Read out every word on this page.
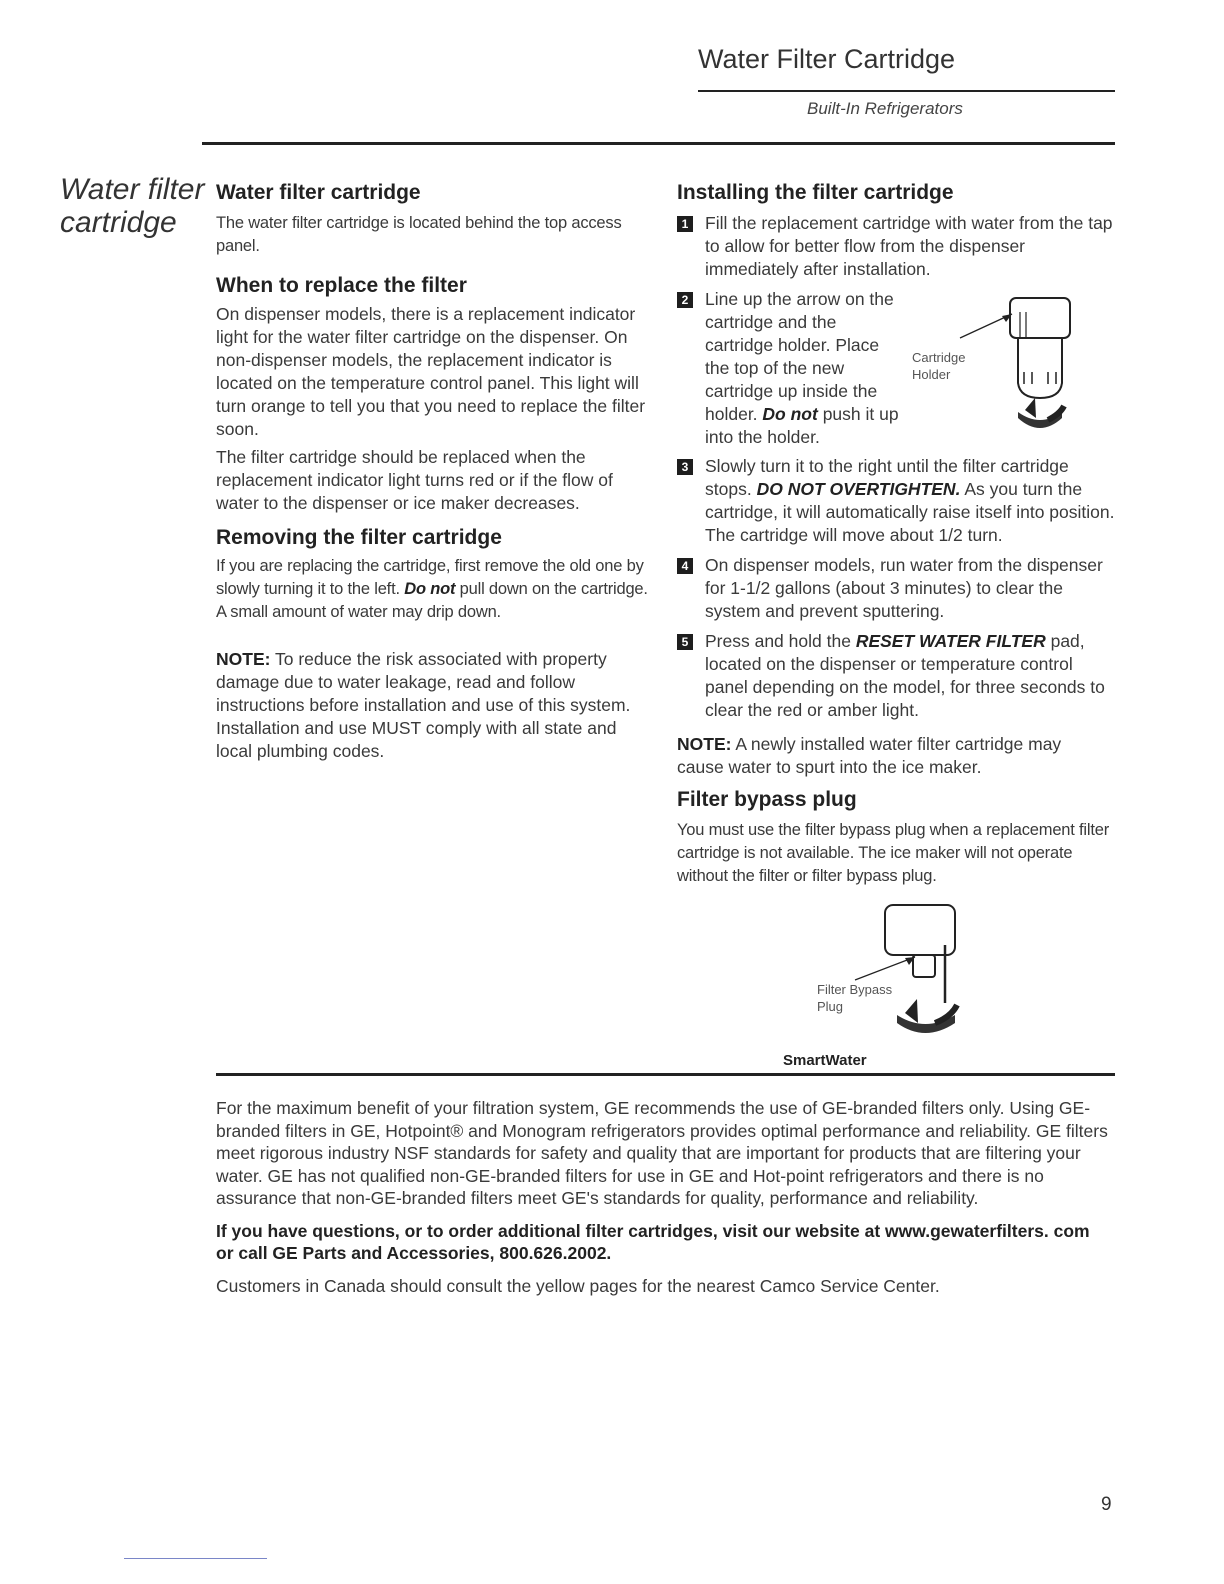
Water Filter Cartridge
Built-In Refrigerators
Water filter
cartridge
Water filter cartridge

The water filter cartridge is located behind the top access panel.

When to replace the filter

On dispenser models, there is a replacement indicator light for the water filter cartridge on the dispenser. On non-dispenser models, the replacement indicator is located on the temperature control panel. This light will turn orange to tell you that you need to replace the filter soon.

The filter cartridge should be replaced when the replacement indicator light turns red or if the flow of water to the dispenser or ice maker decreases.

Removing the filter cartridge

If you are replacing the cartridge, first remove the old one by slowly turning it to the left. Do not pull down on the cartridge. A small amount of water may drip down.

NOTE: To reduce the risk associated with property damage due to water leakage, read and follow instructions before installation and use of this system. Installation and use MUST comply with all state and local plumbing codes.

Installing the filter cartridge
1 Fill the replacement cartridge with water from the tap to allow for better flow from the dispenser immediately after installation.

2 Line up the arrow on the cartridge and the cartridge holder. Place the top of the new cartridge up inside the holder. Do not push it up into the holder.

3 Slowly turn it to the right until the filter cartridge stops. DO NOT OVERTIGHTEN. As you turn the cartridge, it will automatically raise itself into position. The cartridge will move about 1/2 turn.

4 On dispenser models, run water from the dispenser for 1-1/2 gallons (about 3 minutes) to clear the system and prevent sputtering.

5 Press and hold the RESET WATER FILTER pad, located on the dispenser or temperature control panel depending on the model, for three seconds to clear the red or amber light.

Cartridge
Holder

NOTE: A newly installed water filter cartridge may cause water to spurt into the ice maker.

Filter bypass plug

You must use the filter bypass plug when a replacement filter cartridge is not available. The ice maker will not operate without the filter or filter bypass plug.

Filter Bypass
Plug
SmartWater

For the maximum benefit of your filtration system, GE recommends the use of GE-branded filters only. Using GE-branded filters in GE, Hotpoint® and Monogram refrigerators provides optimal performance and reliability. GE filters meet rigorous industry NSF standards for safety and quality that are important for products that are filtering your water. GE has not qualified non-GE-branded filters for use in GE and Hot-point refrigerators and there is no assurance that non-GE-branded filters meet GE's standards for quality, performance and reliability.

If you have questions, or to order additional filter cartridges, visit our website at www.gewaterfilters. com or call GE Parts and Accessories, 800.626.2002.

Customers in Canada should consult the yellow pages for the nearest Camco Service Center.

9
